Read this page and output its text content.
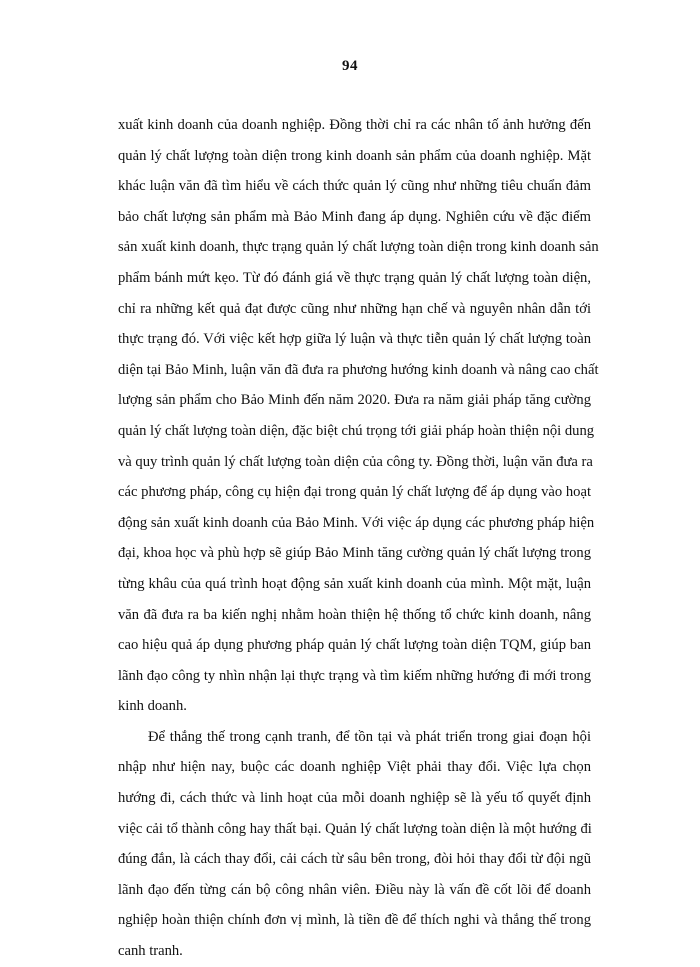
94

xuất kinh doanh của doanh nghiệp. Đồng thời chỉ ra các nhân tố ảnh hưởng đến
quản lý chất lượng toàn diện trong kinh doanh sản phẩm của doanh nghiệp. Mặt
khác luận văn đã tìm hiểu về cách thức quản lý cũng như những tiêu chuẩn đảm
bảo chất lượng sản phẩm mà Bảo Minh đang áp dụng. Nghiên cứu về đặc điểm
sản xuất kinh doanh, thực trạng quản lý chất lượng toàn diện trong kinh doanh sản
phẩm bánh mứt kẹo. Từ đó đánh giá về thực trạng quản lý chất lượng toàn diện,
chỉ ra những kết quả đạt được cũng như những hạn chế và nguyên nhân dẫn tới
thực trạng đó. Với việc kết hợp giữa lý luận và thực tiễn quản lý chất lượng toàn
diện tại Bảo Minh, luận văn đã đưa ra phương hướng kinh doanh và nâng cao chất
lượng sản phẩm cho Bảo Minh đến năm 2020. Đưa ra năm giải pháp tăng cường
quản lý chất lượng toàn diện, đặc biệt chú trọng tới giải pháp hoàn thiện nội dung
và quy trình quản lý chất lượng toàn diện của công ty. Đồng thời, luận văn đưa ra
các phương pháp, công cụ hiện đại trong quản lý chất lượng để áp dụng vào hoạt
động sản xuất kinh doanh của Bảo Minh. Với việc áp dụng các phương pháp hiện
đại, khoa học và phù hợp sẽ giúp Bảo Minh tăng cường quản lý chất lượng trong
từng khâu của quá trình hoạt động sản xuất kinh doanh của mình. Một mặt, luận
văn đã đưa ra ba kiến nghị nhằm hoàn thiện hệ thống tổ chức kinh doanh, nâng
cao hiệu quả áp dụng phương pháp quản lý chất lượng toàn diện TQM, giúp ban
lãnh đạo công ty nhìn nhận lại thực trạng và tìm kiếm những hướng đi mới trong
kinh doanh.

Để thắng thế trong cạnh tranh, để tồn tại và phát triển trong giai đoạn hội
nhập như hiện nay, buộc các doanh nghiệp Việt phải thay đổi. Việc lựa chọn
hướng đi, cách thức và linh hoạt của mỗi doanh nghiệp sẽ là yếu tố quyết định
việc cải tổ thành công hay thất bại. Quản lý chất lượng toàn diện là một hướng đi
đúng đắn, là cách thay đổi, cải cách từ sâu bên trong, đòi hỏi thay đổi từ đội ngũ
lãnh đạo đến từng cán bộ công nhân viên. Điều này là vấn đề cốt lõi để doanh
nghiệp hoàn thiện chính đơn vị mình, là tiền đề để thích nghi và thắng thế trong
canh tranh.
